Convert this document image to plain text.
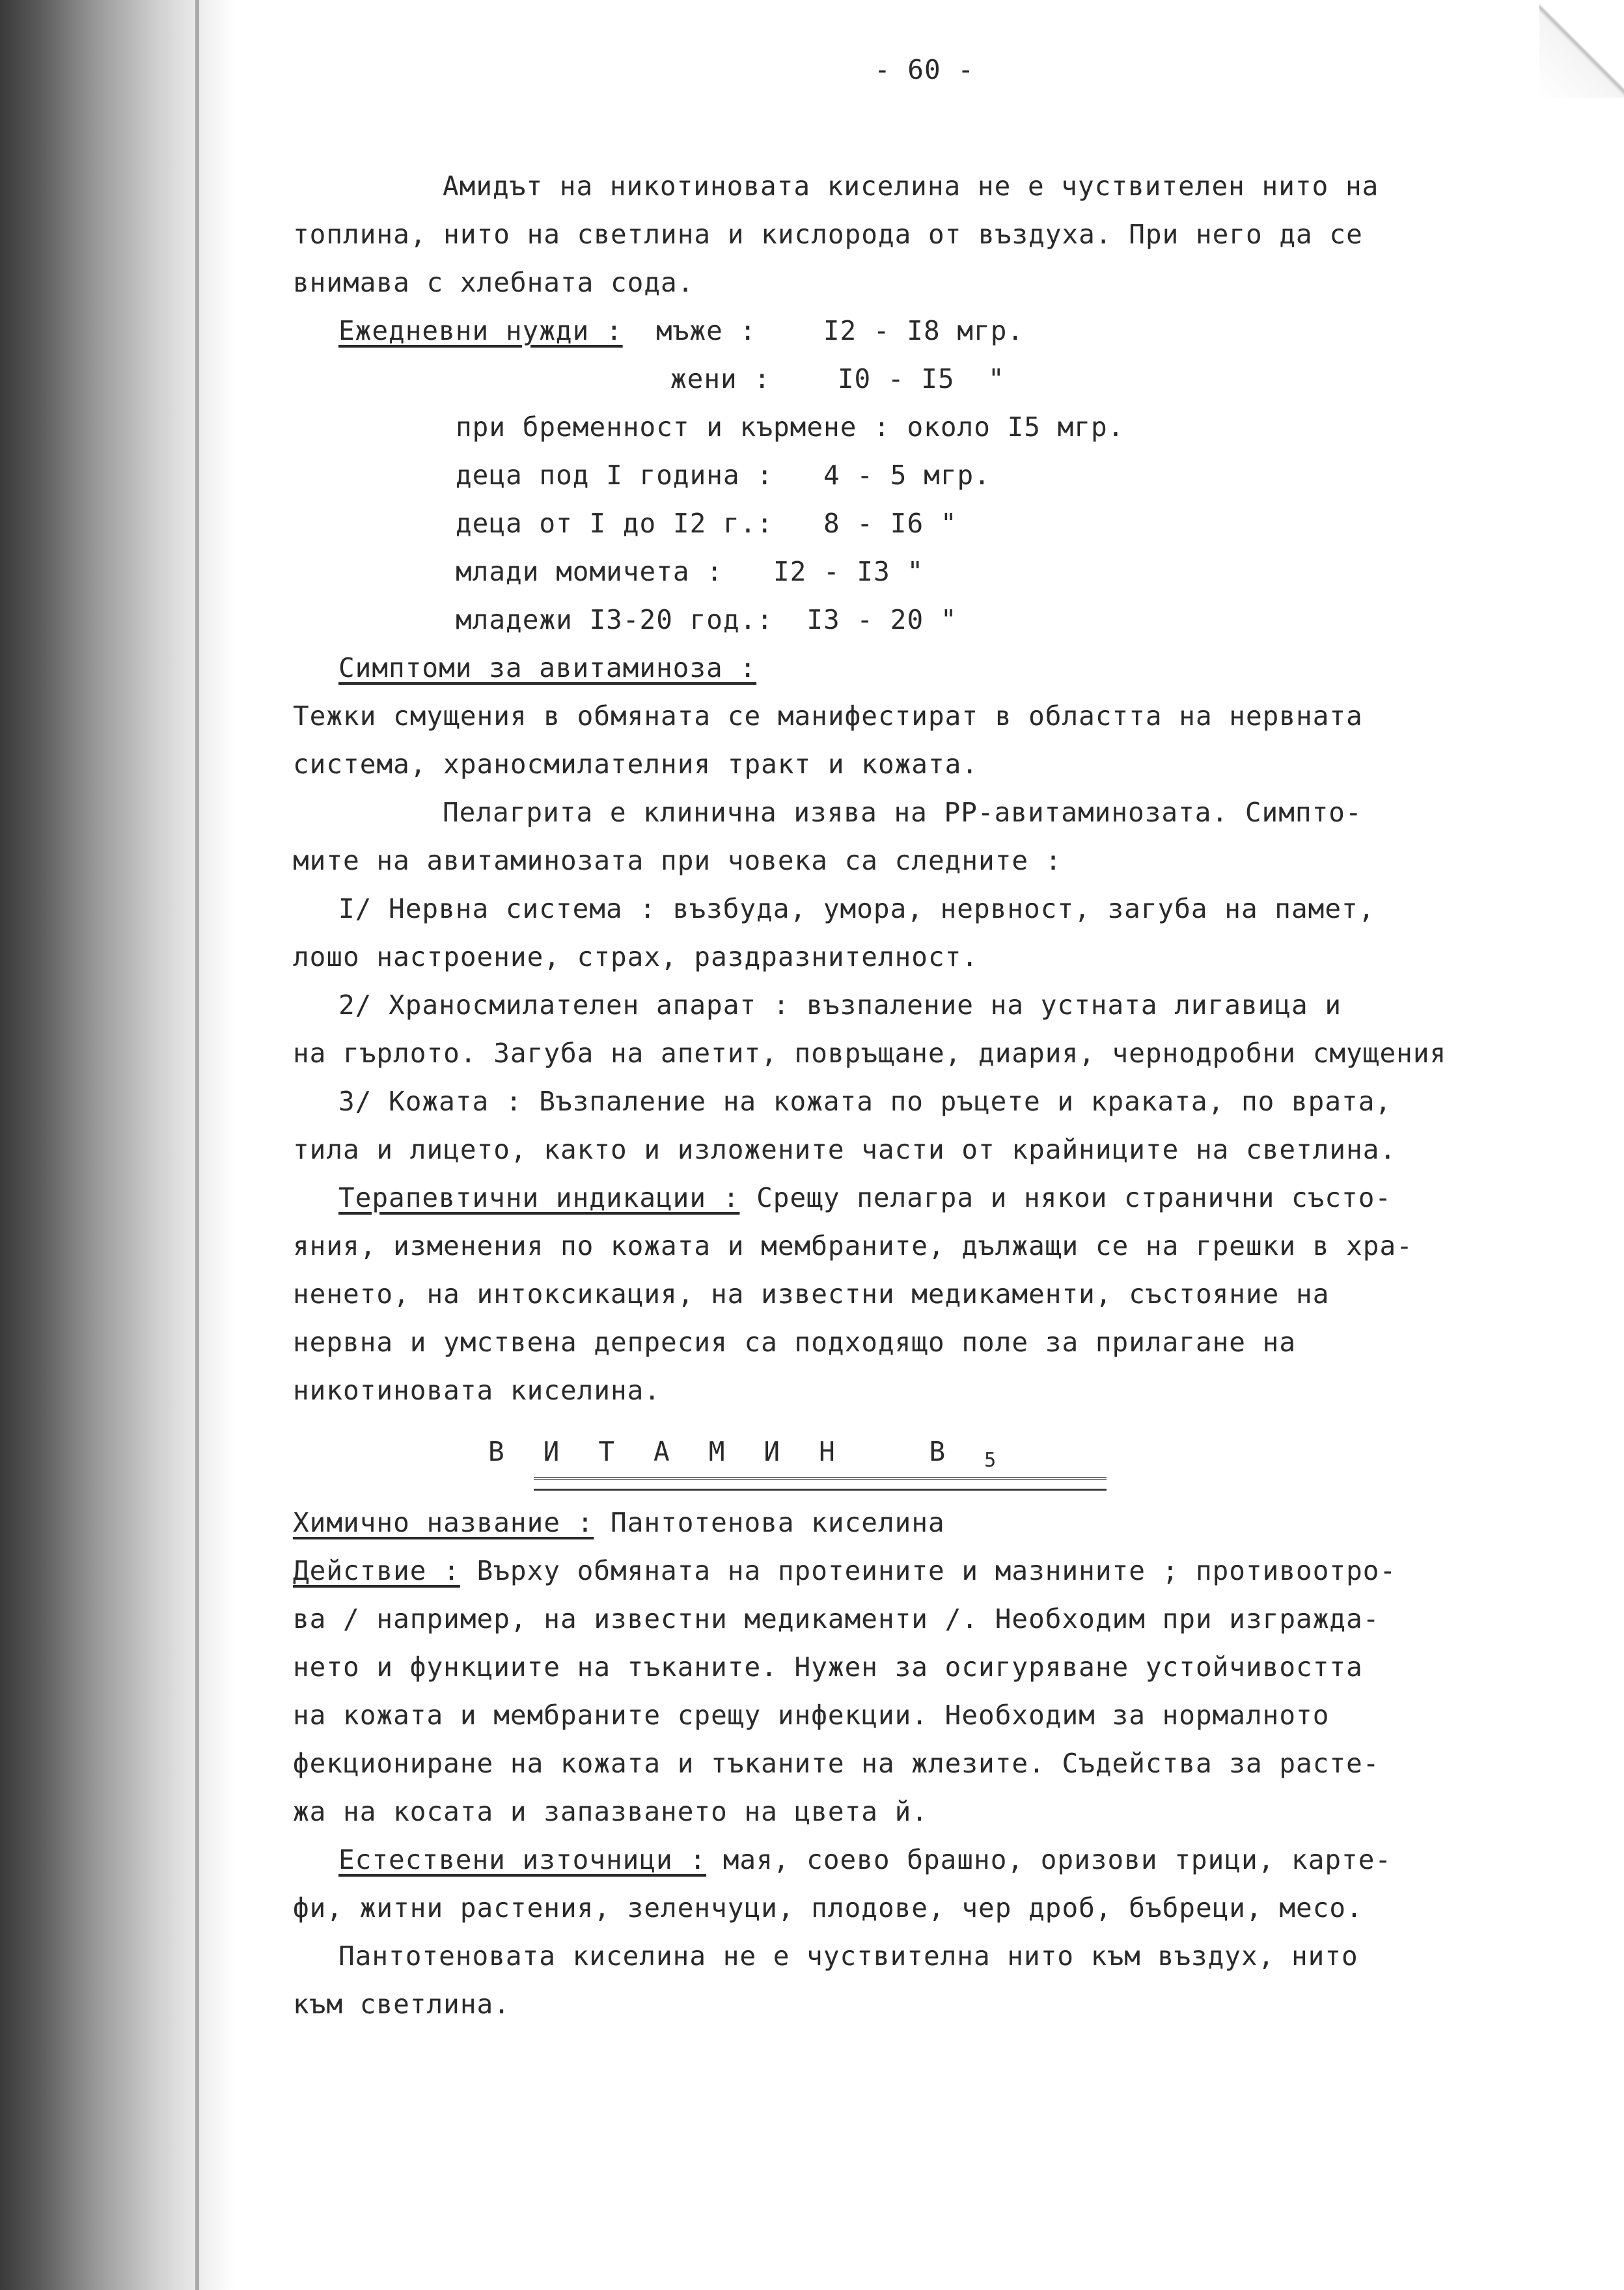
- 60 -

Амидът на никотиновата киселина не е чуствителен нито на

топлина, нито на светлина и кислорода от въздуха. При него да се

внимава с хлебната сода.

Ежедневни нужди : мъже :    I2 - I8 мгр.

жени :    I0 - I5  "

при бременност и кърмене : около I5 мгр.

деца под I година :   4 - 5 мгр.

деца от I до I2 г.:   8 - I6 "

млади момичета :   I2 - I3 "

младежи I3-20 год.:  I3 - 20 "

Симптоми за авитаминоза :

Тежки смущения в обмяната се манифестират в областта на нервната

система, храносмилателния тракт и кожата.

Пелагрита е клинична изява на PP-авитаминозата. Симпто-

мите на авитаминозата при човека са следните :

I/ Нервна система : възбуда, умора, нервност, загуба на памет,

лошо настроение, страх, раздразнителност.

2/ Храносмилателен апарат : възпаление на устната лигавица и

на гърлото. Загуба на апетит, повръщане, диария, чернодробни смущения

3/ Кожата : Възпаление на кожата по ръцете и краката, по врата,

тила и лицето, както и изложените части от крайниците на светлина.

Терапевтични индикации : Срещу пелагра и някои странични състо-

яния, изменения по кожата и мембраните, дължащи се на грешки в хра-

ненето, на интоксикация, на известни медикаменти, състояние на

нервна и умствена депресия са подходящо поле за прилагане на

никотиновата киселина.

ВИТАМИН $В_5$

Химично название : Пантотенова киселина

Действие : Върху обмяната на протеините и мазнините ; противоотро-

ва / например, на известни медикаменти /. Необходим при изгражда-

нето и функциите на тъканите. Нужен за осигуряване устойчивостта

на кожата и мембраните срещу инфекции. Необходим за нормалното

фекциониране на кожата и тъканите на жлезите. Съдейства за расте-

жа на косата и запазването на цвета й.

Естествени източници : мая, соево брашно, оризови трици, карте-

фи, житни растения, зеленчуци, плодове, чер дроб, бъбреци, месо.

Пантотеновата киселина не е чуствителна нито към въздух, нито

към светлина.
